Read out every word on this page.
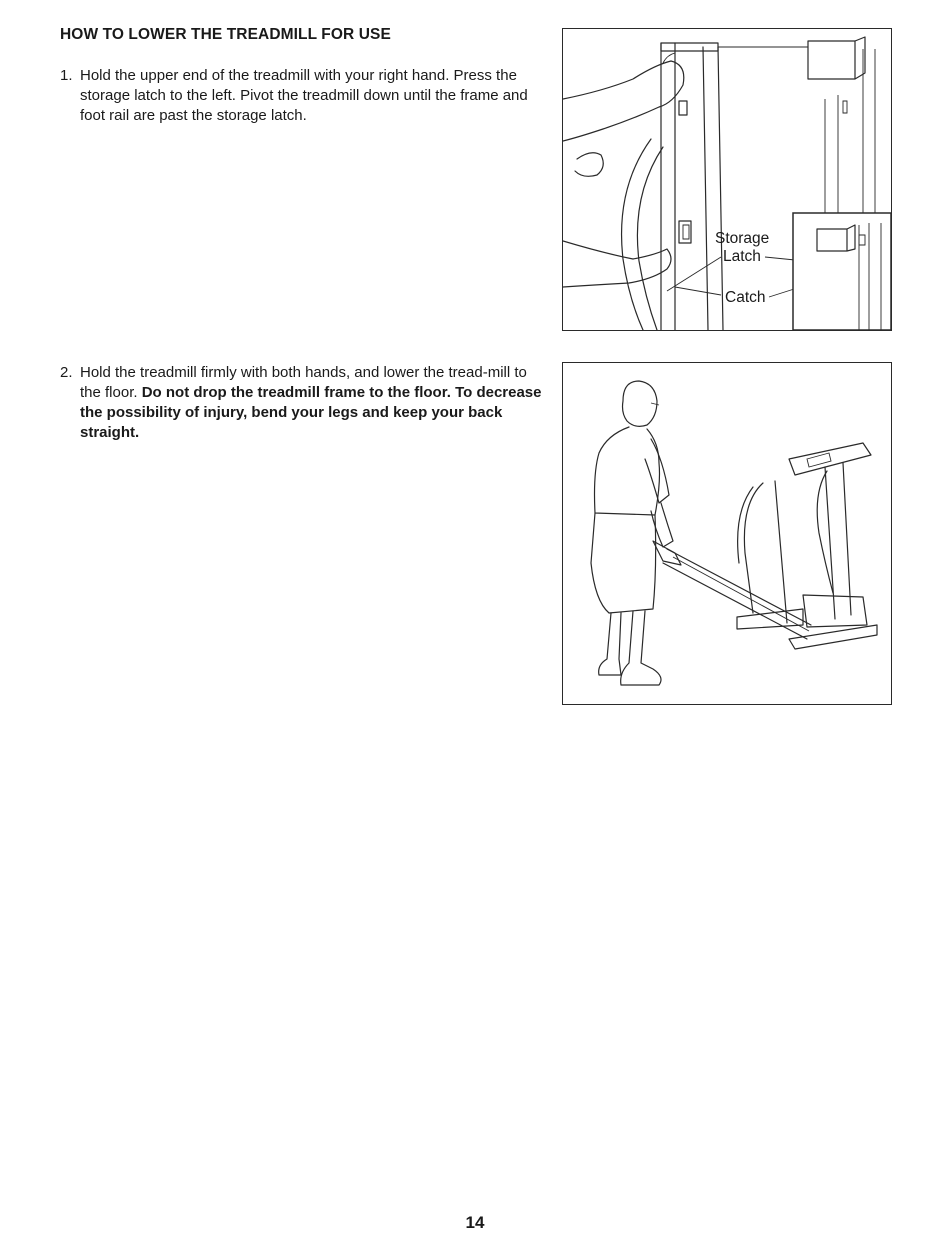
HOW TO LOWER THE TREADMILL FOR USE
1. Hold the upper end of the treadmill with your right hand. Press the storage latch to the left. Pivot the treadmill down until the frame and foot rail are past the storage latch.
2. Hold the treadmill firmly with both hands, and lower the tread-mill to the floor. Do not drop the treadmill frame to the floor. To decrease the possibility of injury, bend your legs and keep your back straight.
Storage
Latch
Catch
14
